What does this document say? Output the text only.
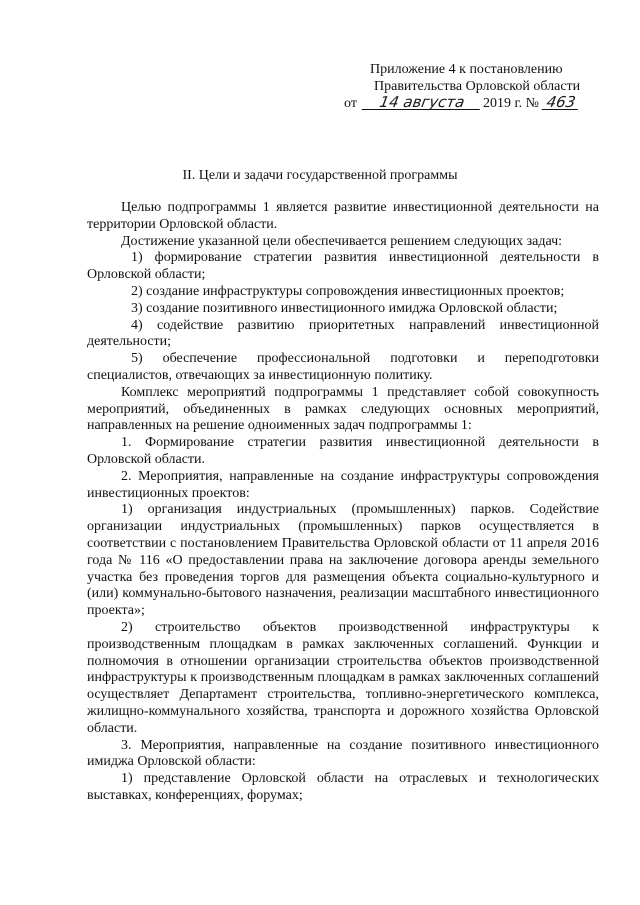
Приложение 4 к постановлению
Правительства Орловской области
от 14 августа 2019 г. № 463
II. Цели и задачи государственной программы

Целью подпрограммы 1 является развитие инвестиционной деятельности на территории Орловской области.

Достижение указанной цели обеспечивается решением следующих задач:

1) формирование стратегии развития инвестиционной деятельности в Орловской области;

2) создание инфраструктуры сопровождения инвестиционных проектов;

3) создание позитивного инвестиционного имиджа Орловской области;

4) содействие развитию приоритетных направлений инвестиционной деятельности;

5) обеспечение профессиональной подготовки и переподготовки специалистов, отвечающих за инвестиционную политику.

Комплекс мероприятий подпрограммы 1 представляет собой совокупность мероприятий, объединенных в рамках следующих основных мероприятий, направленных на решение одноименных задач подпрограммы 1:

1. Формирование стратегии развития инвестиционной деятельности в Орловской области.

2. Мероприятия, направленные на создание инфраструктуры сопровождения инвестиционных проектов:

1) организация индустриальных (промышленных) парков. Содействие организации индустриальных (промышленных) парков осуществляется в соответствии с постановлением Правительства Орловской области от 11 апреля 2016 года № 116 «О предоставлении права на заключение договора аренды земельного участка без проведения торгов для размещения объекта социально-культурного и (или) коммунально-бытового назначения, реализации масштабного инвестиционного проекта»;

2) строительство объектов производственной инфраструктуры к производственным площадкам в рамках заключенных соглашений. Функции и полномочия в отношении организации строительства объектов производственной инфраструктуры к производственным площадкам в рамках заключенных соглашений осуществляет Департамент строительства, топливно-энергетического комплекса, жилищно-коммунального хозяйства, транспорта и дорожного хозяйства Орловской области.

3. Мероприятия, направленные на создание позитивного инвестиционного имиджа Орловской области:

1) представление Орловской области на отраслевых и технологических выставках, конференциях, форумах;
